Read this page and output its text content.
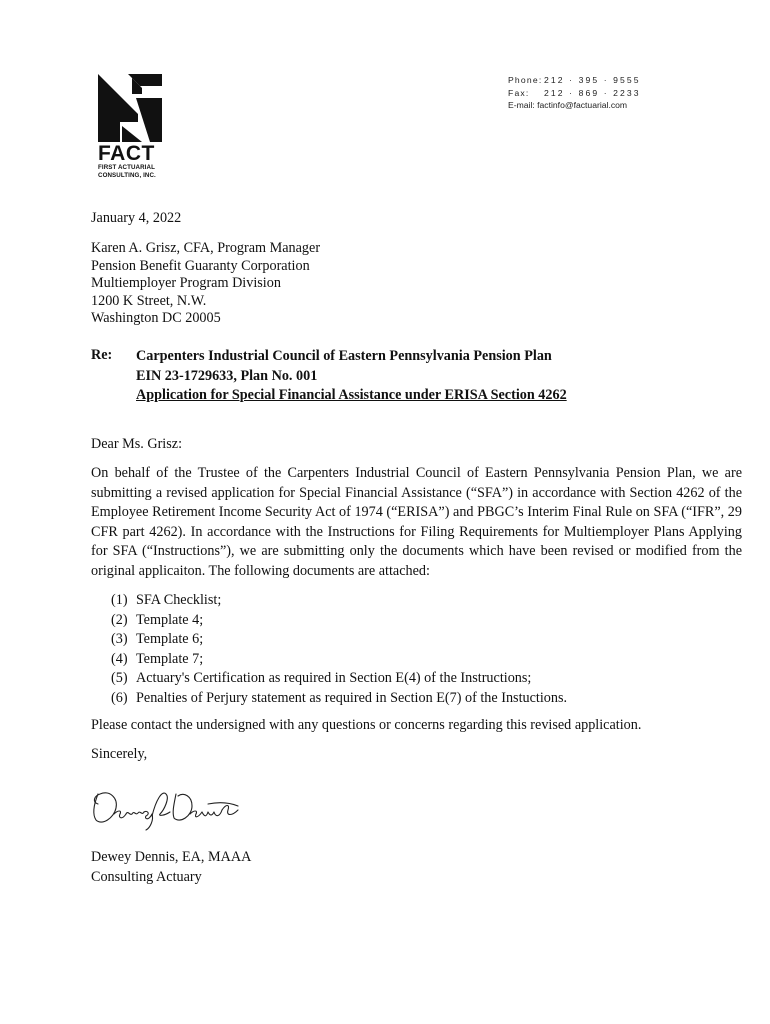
FACT
FIRST ACTUARIAL
CONSULTING, INC.
Phone: 212 · 395 · 9555
Fax: 212 · 869 · 2233
E-mail: factinfo@factuarial.com
January 4, 2022
Karen A. Grisz, CFA, Program Manager
Pension Benefit Guaranty Corporation
Multiemployer Program Division
1200 K Street, N.W.
Washington DC 20005
Re: Carpenters Industrial Council of Eastern Pennsylvania Pension Plan
EIN 23-1729633, Plan No. 001
Application for Special Financial Assistance under ERISA Section 4262
Dear Ms. Grisz:
On behalf of the Trustee of the Carpenters Industrial Council of Eastern Pennsylvania Pension Plan, we are submitting a revised application for Special Financial Assistance (“SFA”) in accordance with Section 4262 of the Employee Retirement Income Security Act of 1974 (“ERISA”) and PBGC’s Interim Final Rule on SFA (“IFR”, 29 CFR part 4262). In accordance with the Instructions for Filing Requirements for Multiemployer Plans Applying for SFA (“Instructions”), we are submitting only the documents which have been revised or modified from the original applicaiton. The following documents are attached:
(1) SFA Checklist;
(2) Template 4;
(3) Template 6;
(4) Template 7;
(5) Actuary's Certification as required in Section E(4) of the Instructions;
(6) Penalties of Perjury statement as required in Section E(7) of the Instuctions.
Please contact the undersigned with any questions or concerns regarding this revised application.
Sincerely,
Dewey Dennis, EA, MAAA
Consulting Actuary
